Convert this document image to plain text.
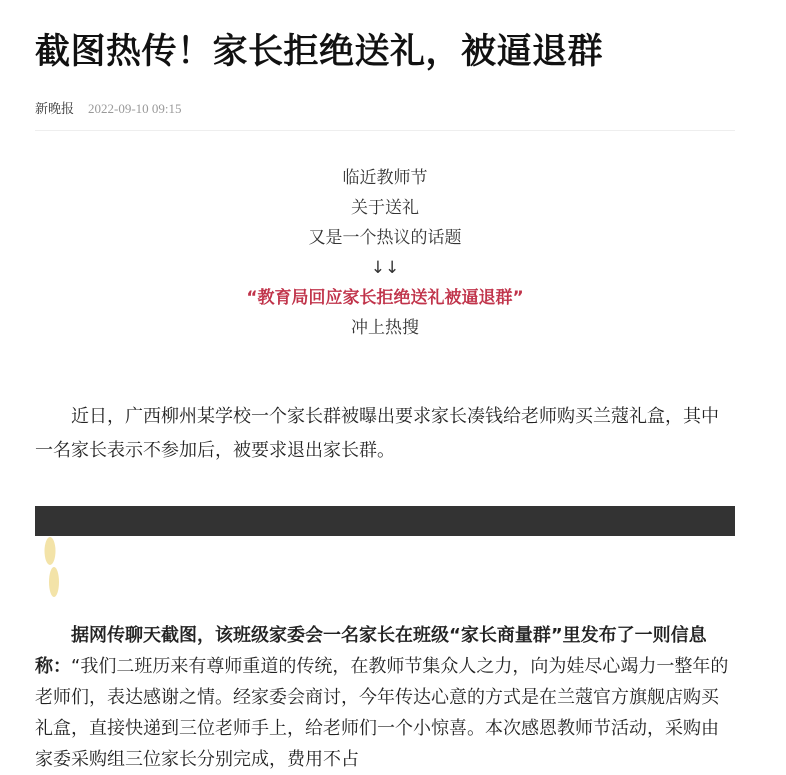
截图热传！家长拒绝送礼，被逼退群
新晚报 2022-09-10 09:15
临近教师节
关于送礼
又是一个热议的话题
↓↓
“教育局回应家长拒绝送礼被逼退群”
冲上热搜

近日，广西柳州某学校一个家长群被曝出要求家长凑钱给老师购买兰蔻礼盒，其中一名家长表示不参加后，被要求退出家长群。

据网传聊天截图，该班级家委会一名家长在班级“家长商量群”里发布了一则信息称：“我们二班历来有尊师重道的传统，在教师节集众人之力，向为娃尽心竭力一整年的老师们，表达感谢之情。经家委会商讨，今年传达心意的方式是在兰蔻官方旗舰店购买礼盒，直接快递到三位老师手上，给老师们一个小惊喜。本次感恩教师节活动，采购由家委采购组三位家长分别完成，费用不占
